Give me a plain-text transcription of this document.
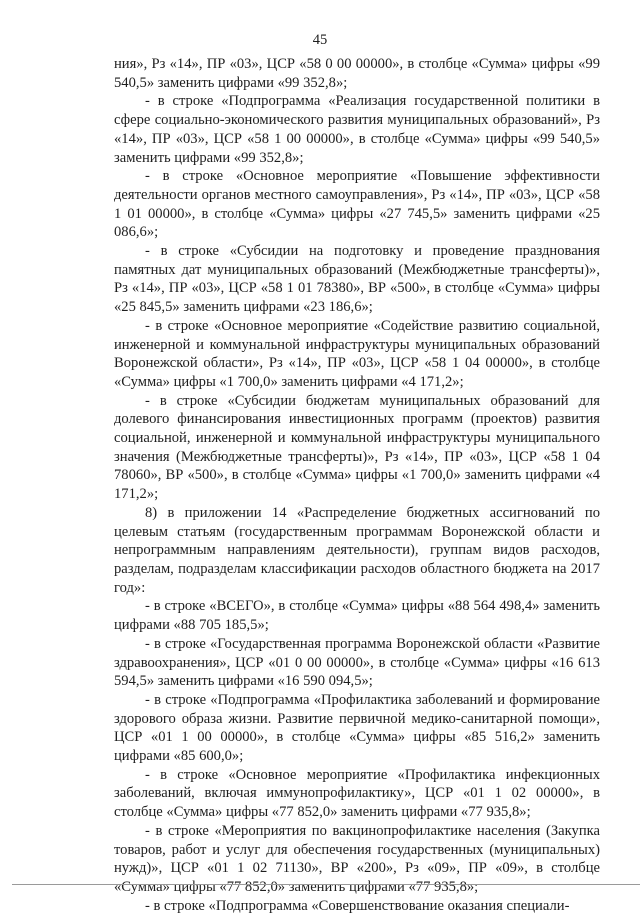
45

ния», Рз «14», ПР «03», ЦСР «58 0 00 00000», в столбце «Сумма» цифры «99 540,5» заменить цифрами «99 352,8»;

- в строке «Подпрограмма «Реализация государственной политики в сфере социально-экономического развития муниципальных образований», Рз «14», ПР «03», ЦСР «58 1 00 00000», в столбце «Сумма» цифры «99 540,5» заменить цифрами «99 352,8»;

- в строке «Основное мероприятие «Повышение эффективности деятельности органов местного самоуправления», Рз «14», ПР «03», ЦСР «58 1 01 00000», в столбце «Сумма» цифры «27 745,5» заменить цифрами «25 086,6»;

- в строке «Субсидии на подготовку и проведение празднования памятных дат муниципальных образований (Межбюджетные трансферты)», Рз «14», ПР «03», ЦСР «58 1 01 78380», ВР «500», в столбце «Сумма» цифры «25 845,5» заменить цифрами «23 186,6»;

- в строке «Основное мероприятие «Содействие развитию социальной, инженерной и коммунальной инфраструктуры муниципальных образований Воронежской области», Рз «14», ПР «03», ЦСР «58 1 04 00000», в столбце «Сумма» цифры «1 700,0» заменить цифрами «4 171,2»;

- в строке «Субсидии бюджетам муниципальных образований для долевого финансирования инвестиционных программ (проектов) развития социальной, инженерной и коммунальной инфраструктуры муниципального значения (Межбюджетные трансферты)», Рз «14», ПР «03», ЦСР «58 1 04 78060», ВР «500», в столбце «Сумма» цифры «1 700,0» заменить цифрами «4 171,2»;

8) в приложении 14 «Распределение бюджетных ассигнований по целевым статьям (государственным программам Воронежской области и непрограммным направлениям деятельности), группам видов расходов, разделам, подразделам классификации расходов областного бюджета на 2017 год»:

- в строке «ВСЕГО», в столбце «Сумма» цифры «88 564 498,4» заменить цифрами «88 705 185,5»;

- в строке «Государственная программа Воронежской области «Развитие здравоохранения», ЦСР «01 0 00 00000», в столбце «Сумма» цифры «16 613 594,5» заменить цифрами «16 590 094,5»;

- в строке «Подпрограмма «Профилактика заболеваний и формирование здорового образа жизни. Развитие первичной медико-санитарной помощи», ЦСР «01 1 00 00000», в столбце «Сумма» цифры «85 516,2» заменить цифрами «85 600,0»;

- в строке «Основное мероприятие «Профилактика инфекционных заболеваний, включая иммунопрофилактику», ЦСР «01 1 02 00000», в столбце «Сумма» цифры «77 852,0» заменить цифрами «77 935,8»;

- в строке «Мероприятия по вакцинопрофилактике населения (Закупка товаров, работ и услуг для обеспечения государственных (муниципальных) нужд)», ЦСР «01 1 02 71130», ВР «200», Рз «09», ПР «09», в столбце «Сумма» цифры «77 852,0» заменить цифрами «77 935,8»;

- в строке «Подпрограмма «Совершенствование оказания специали-
